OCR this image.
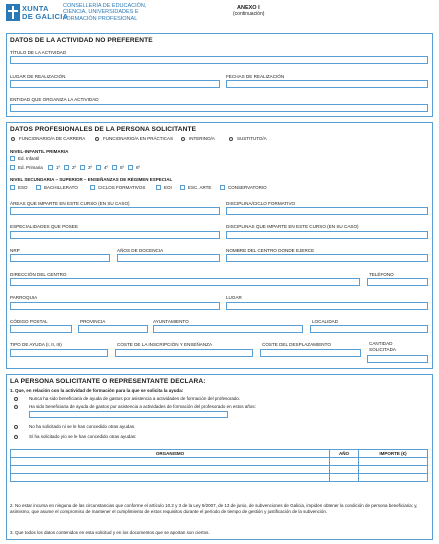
XUNTA
DE GALICIA
CONSELLERÍA DE EDUCACIÓN,
CIENCIA, UNIVERSIDADES E
FORMACIÓN PROFESIONAL
ANEXO I
(continuación)
DATOS DE LA ACTIVIDAD NO PREFERENTE
TÍTULO DE LA ACTIVIDAD
LUGAR DE REALIZACIÓN	FECHAS DE REALIZACIÓN
ENTIDAD QUE ORGANIZA LA ACTIVIDAD
DATOS PROFESIONALES DE LA PERSONA SOLICITANTE
FUNCIONARIO/A DE CARRERA	FUNCIONARIO/A EN PRÁCTICAS	INTERINO/A	SUSTITUTO/A
NIVEL-INFANTIL PRIMARIA
Ed. Infantil
Ed. Primaria	1º	2º	3º	4º	5º	6º
NIVEL SECUNDARIA – SUPERIOR – ENSEÑANZAS DE RÉGIMEN ESPECIAL
ESO	BACHILLERATO	CICLOS FORMATIVOS	EOI	ESC. ARTE	CONSERVATORIO
ÁREAS QUE IMPARTE EN ESTE CURSO (EN SU CASO)	DISCIPLINA/CICLO FORMATIVO
ESPECIALIDADES QUE POSEE	DISCIPLINAS QUE IMPARTE EN ESTE CURSO (EN SU CASO)
NRP	AÑOS DE DOCENCIA	NOMBRE DEL CENTRO DONDE EJERCE
DIRECCIÓN DEL CENTRO	TELÉFONO
PARROQUIA	LUGAR
CÓDIGO POSTAL	PROVINCIA	AYUNTAMIENTO	LOCALIDAD
TIPO DE AYUDA (I, II, III)	COSTE DE LA INSCRIPCIÓN Y ENSEÑANZA	COSTE DEL DESPLAZAMIENTO	CANTIDAD
SOLICITADA
LA PERSONA SOLICITANTE O REPRESENTANTE DECLARA:
1. Que, en relación con la actividad de formación para la que se solicita la ayuda:
Nunca ha sido beneficiaria de ayuda de gastos por asistencia a actividades de formación del profesorado.
Ha sido beneficiaria de ayuda de gastos por asistencia a actividades de formación del profesorado en estos años:
No ha solicitado ni se le han concedido otras ayudas.
Sí ha solicitado y/o se le han concedido otras ayudas:
ORGANISMO	AÑO	IMPORTE (€)

2. No estar incursa en ninguna de las circunstancias que conforme el artículo 10.2 y 3 de la Ley 9/2007, de 13 de junio, de subvenciones de Galicia, impiden obtener la condición de persona beneficiaria; y, asimismo, que asume el compromiso de mantener el cumplimiento de estos requisitos durante el período de tiempo de gestión y justificación de la subvención.
3. Que todos los datos contenidos en esta solicitud y en los documentos que se aportan son ciertos.
